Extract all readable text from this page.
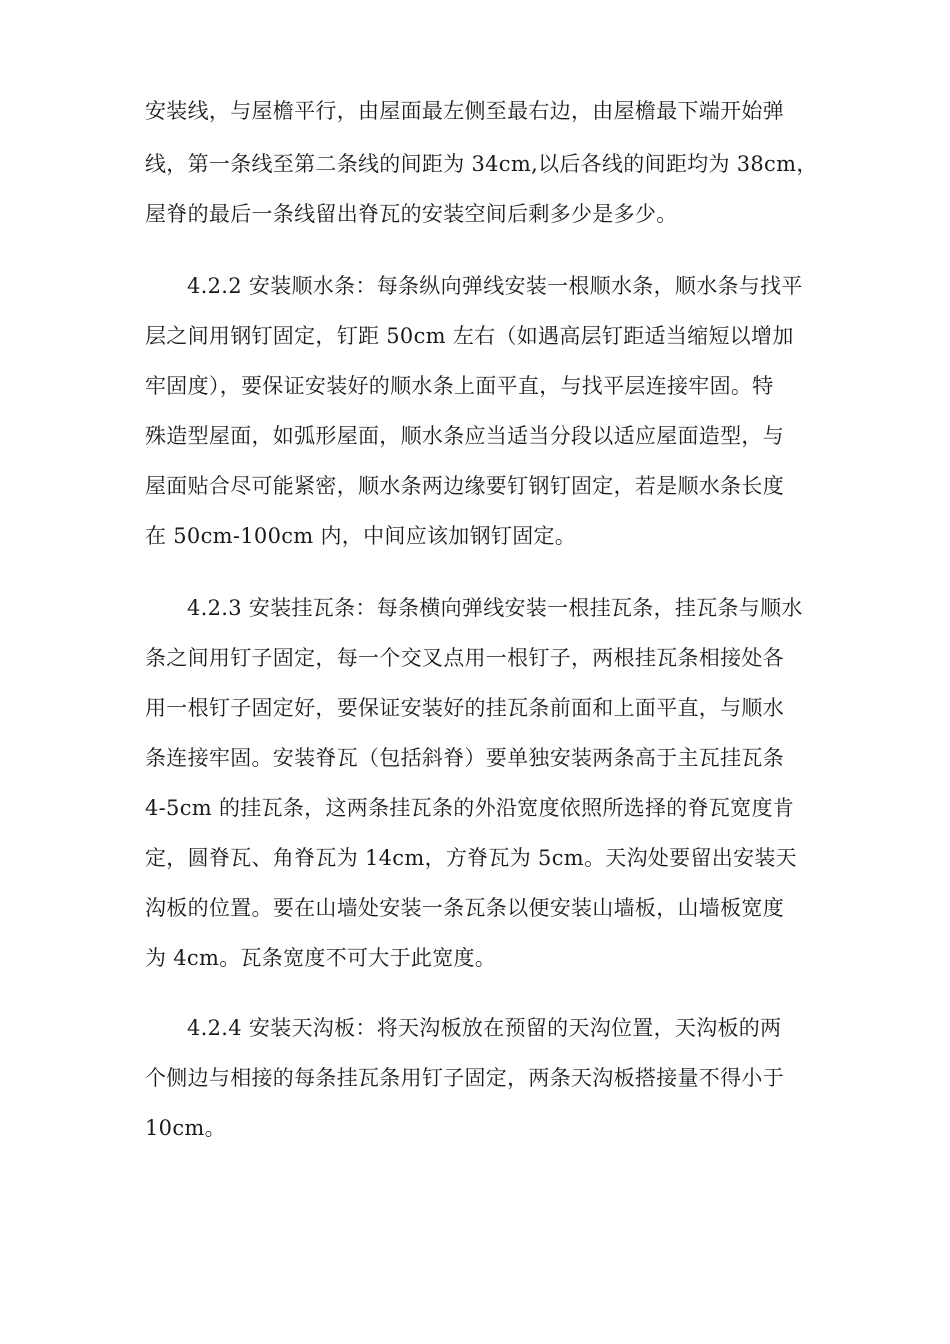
安装线，与屋檐平行，由屋面最左侧至最右边，由屋檐最下端开始弹
线，第一条线至第二条线的间距为 34cm,以后各线的间距均为 38cm，
屋脊的最后一条线留出脊瓦的安装空间后剩多少是多少。
4.2.2 安装顺水条：每条纵向弹线安装一根顺水条，顺水条与找平
层之间用钢钉固定，钉距 50cm 左右（如遇高层钉距适当缩短以增加
牢固度），要保证安装好的顺水条上面平直，与找平层连接牢固。特
殊造型屋面，如弧形屋面，顺水条应当适当分段以适应屋面造型，与
屋面贴合尽可能紧密，顺水条两边缘要钉钢钉固定，若是顺水条长度
在 50cm-100cm 内，中间应该加钢钉固定。
4.2.3 安装挂瓦条：每条横向弹线安装一根挂瓦条，挂瓦条与顺水
条之间用钉子固定，每一个交叉点用一根钉子，两根挂瓦条相接处各
用一根钉子固定好，要保证安装好的挂瓦条前面和上面平直，与顺水
条连接牢固。安装脊瓦（包括斜脊）要单独安装两条高于主瓦挂瓦条
4-5cm 的挂瓦条，这两条挂瓦条的外沿宽度依照所选择的脊瓦宽度肯
定，圆脊瓦、角脊瓦为 14cm，方脊瓦为 5cm。天沟处要留出安装天
沟板的位置。要在山墙处安装一条瓦条以便安装山墙板，山墙板宽度
为 4cm。瓦条宽度不可大于此宽度。
4.2.4 安装天沟板：将天沟板放在预留的天沟位置，天沟板的两
个侧边与相接的每条挂瓦条用钉子固定，两条天沟板搭接量不得小于
10cm。
